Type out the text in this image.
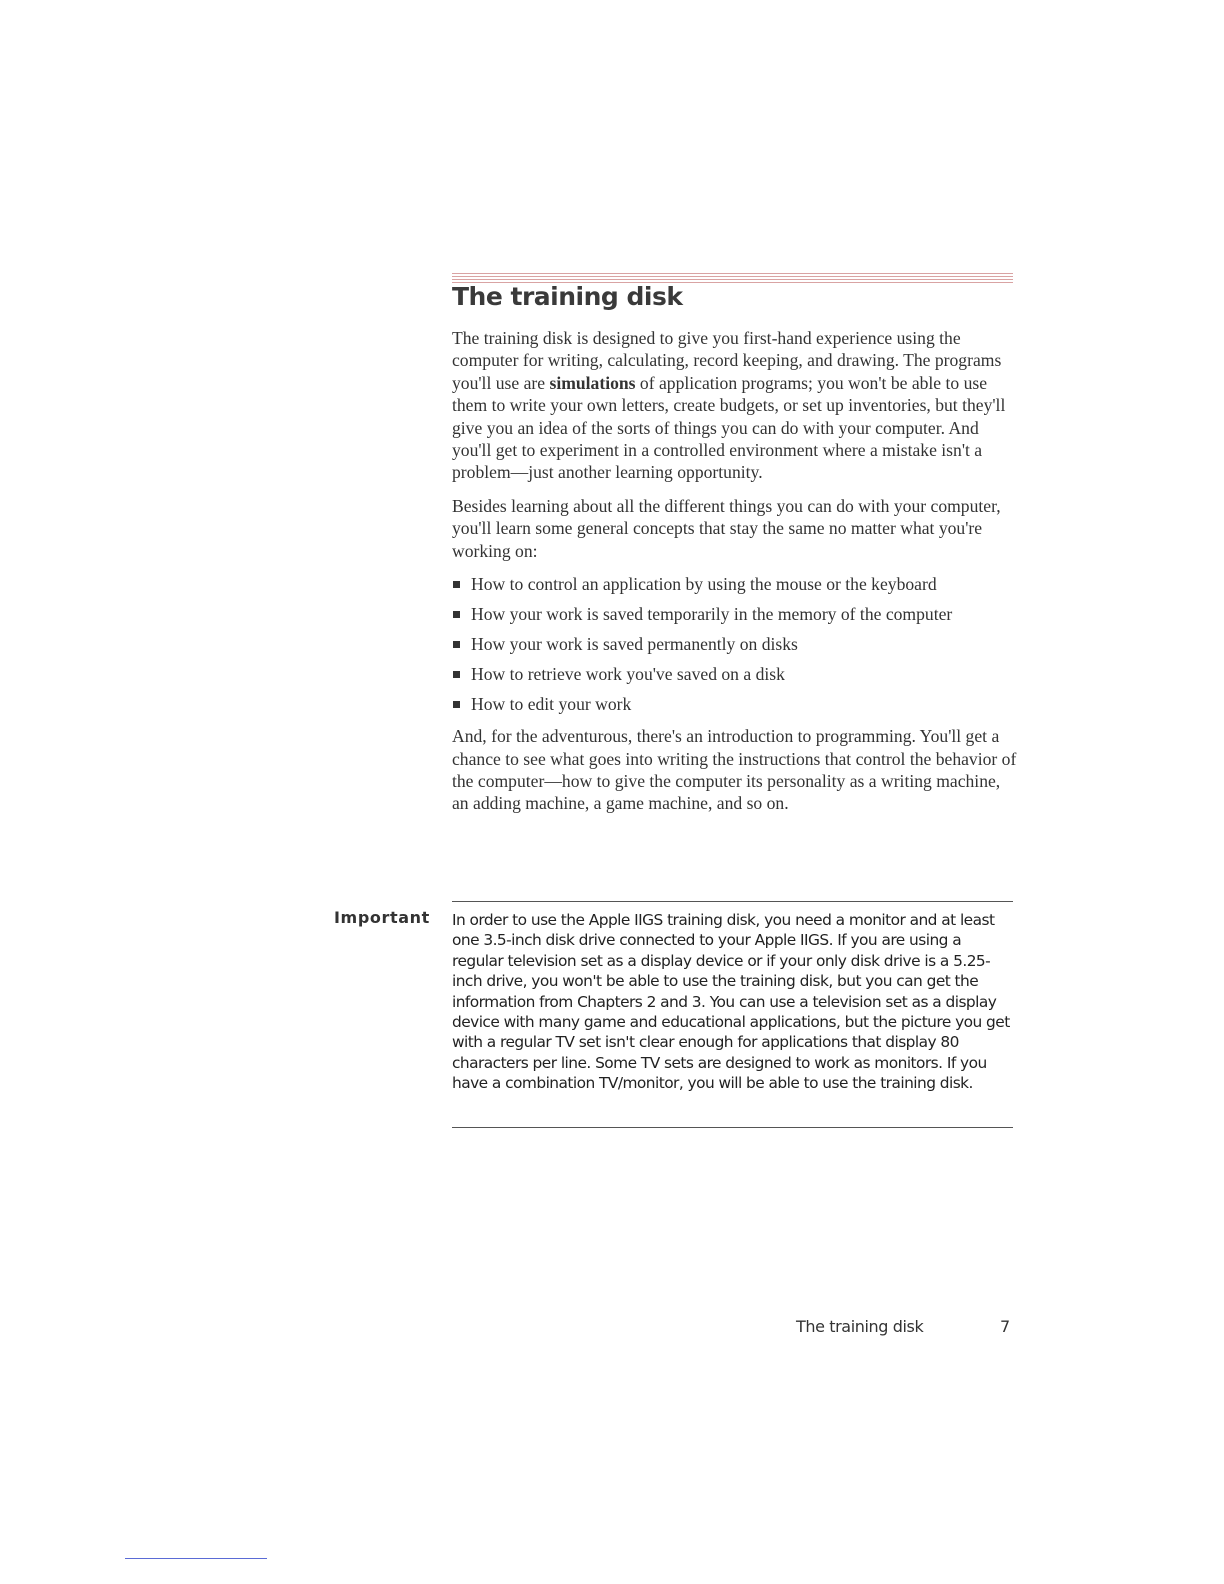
The training disk

The training disk is designed to give you first-hand experience using the computer for writing, calculating, record keeping, and drawing. The programs you'll use are simulations of application programs; you won't be able to use them to write your own letters, create budgets, or set up inventories, but they'll give you an idea of the sorts of things you can do with your computer. And you'll get to experiment in a controlled environment where a mistake isn't a problem—just another learning opportunity.

Besides learning about all the different things you can do with your computer, you'll learn some general concepts that stay the same no matter what you're working on:

How to control an application by using the mouse or the keyboard
How your work is saved temporarily in the memory of the computer
How your work is saved permanently on disks
How to retrieve work you've saved on a disk
How to edit your work

And, for the adventurous, there's an introduction to programming. You'll get a chance to see what goes into writing the instructions that control the behavior of the computer—how to give the computer its personality as a writing machine, an adding machine, a game machine, and so on.

Important In order to use the Apple IIGS training disk, you need a monitor and at least one 3.5-inch disk drive connected to your Apple IIGS. If you are using a regular television set as a display device or if your only disk drive is a 5.25-inch drive, you won't be able to use the training disk, but you can get the information from Chapters 2 and 3. You can use a television set as a display device with many game and educational applications, but the picture you get with a regular TV set isn't clear enough for applications that display 80 characters per line. Some TV sets are designed to work as monitors. If you have a combination TV/monitor, you will be able to use the training disk.

The training disk	7
